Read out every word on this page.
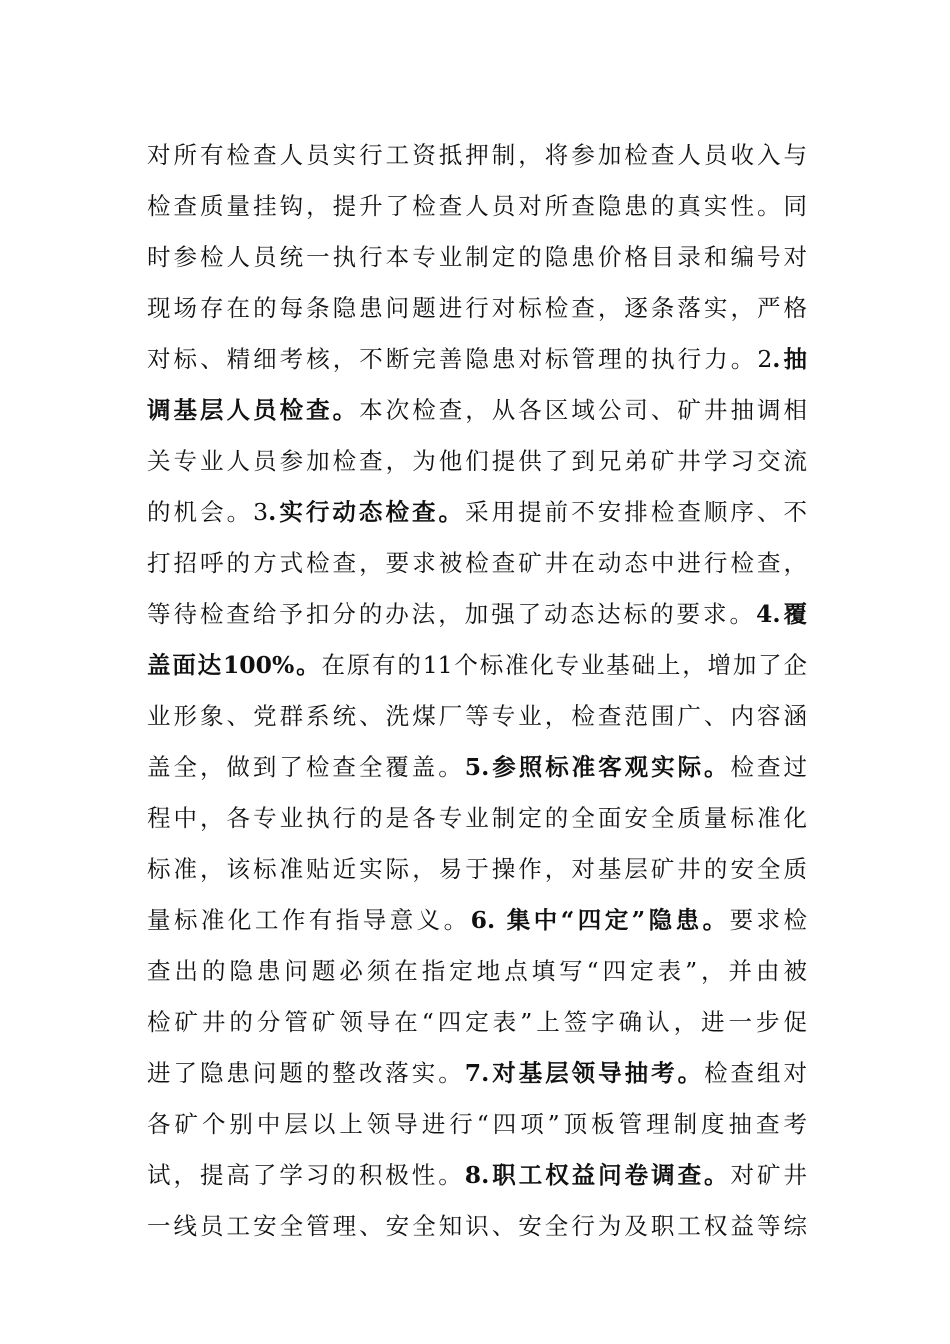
对所有检查人员实行工资抵押制，将参加检查人员收入与
检查质量挂钩，提升了检查人员对所查隐患的真实性。同
时参检人员统一执行本专业制定的隐患价格目录和编号对
现场存在的每条隐患问题进行对标检查，逐条落实，严格
对标、精细考核，不断完善隐患对标管理的执行力。2.抽
调基层人员检查。本次检查，从各区域公司、矿井抽调相
关专业人员参加检查，为他们提供了到兄弟矿井学习交流
的机会。3.实行动态检查。采用提前不安排检查顺序、不
打招呼的方式检查，要求被检查矿井在动态中进行检查，
等待检查给予扣分的办法，加强了动态达标的要求。4.覆
盖面达100%。在原有的11个标准化专业基础上，增加了企
业形象、党群系统、洗煤厂等专业，检查范围广、内容涵
盖全，做到了检查全覆盖。5.参照标准客观实际。检查过
程中，各专业执行的是各专业制定的全面安全质量标准化
标准，该标准贴近实际，易于操作，对基层矿井的安全质
量标准化工作有指导意义。6. 集中“四定”隐患。要求检
查出的隐患问题必须在指定地点填写“四定表”，并由被
检矿井的分管矿领导在“四定表”上签字确认，进一步促
进了隐患问题的整改落实。7.对基层领导抽考。检查组对
各矿个别中层以上领导进行“四项”顶板管理制度抽查考
试，提高了学习的积极性。8.职工权益问卷调查。对矿井
一线员工安全管理、安全知识、安全行为及职工权益等综
